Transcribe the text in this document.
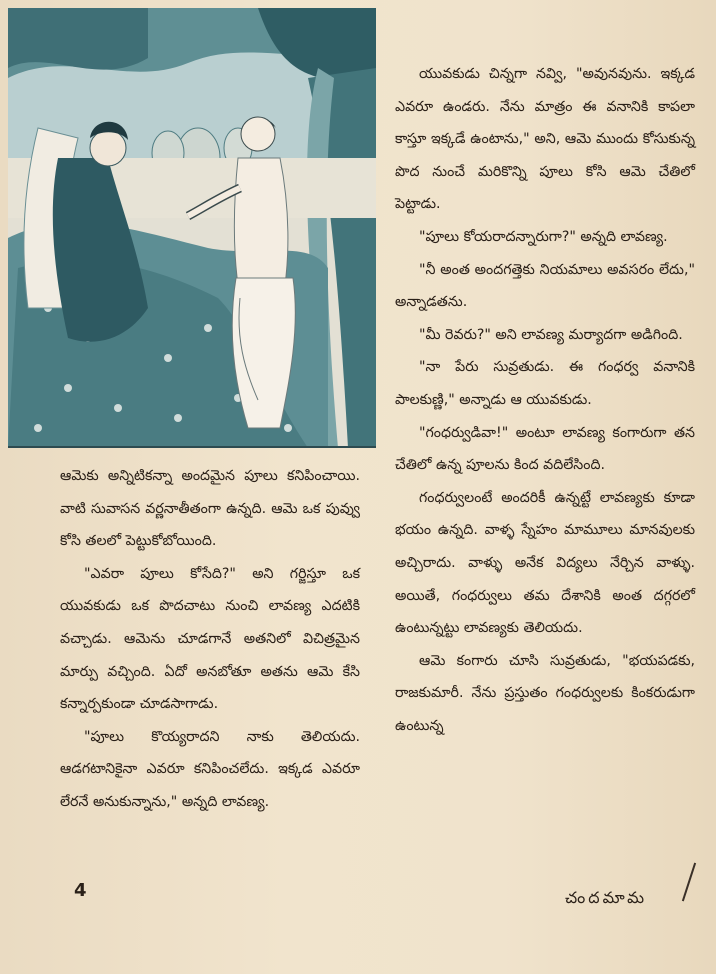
యువకుడు చిన్నగా నవ్వి, "అవునవును. ఇక్కడ ఎవరూ ఉండరు. నేను మాత్రం ఈ వనానికి కాపలా కాస్తూ ఇక్కడే ఉంటాను," అని, ఆమె ముందు కోసుకున్న పొద నుంచే మరికొన్ని పూలు కోసి ఆమె చేతిలో పెట్టాడు.

"పూలు కోయరాదన్నారుగా?" అన్నది లావణ్య.

"నీ అంత అందగత్తెకు నియమాలు అవసరం లేదు," అన్నాడతను.

"మీ రెవరు?" అని లావణ్య మర్యాదగా అడిగింది.

"నా పేరు సువ్రతుడు. ఈ గంధర్వ వనానికి పాలకుణ్ణి," అన్నాడు ఆ యువకుడు.

"గంధర్వుడివా!" అంటూ లావణ్య కంగారుగా తన చేతిలో ఉన్న పూలను కింద వదిలేసింది.

గంధర్వులంటే అందరికీ ఉన్నట్టే లావణ్యకు కూడా భయం ఉన్నది. వాళ్ళ స్నేహం మామూలు మానవులకు అచ్చిరాదు. వాళ్ళు అనేక విద్యలు నేర్చిన వాళ్ళు. అయితే, గంధర్వులు తమ దేశానికి అంత దగ్గరలో ఉంటున్నట్టు లావణ్యకు తెలియదు.

ఆమె కంగారు చూసి సువ్రతుడు, "భయపడకు, రాజకుమారీ. నేను ప్రస్తుతం గంధర్వులకు కింకరుడుగా ఉంటున్న

ఆమెకు అన్నిటికన్నా అందమైన పూలు కనిపించాయి. వాటి సువాసన వర్ణనాతీతంగా ఉన్నది. ఆమె ఒక పువ్వు కోసి తలలో పెట్టుకోబోయింది.

"ఎవరా పూలు కోసేది?" అని గర్జిస్తూ ఒక యువకుడు ఒక పొదచాటు నుంచి లావణ్య ఎదటికి వచ్చాడు. ఆమెను చూడగానే అతనిలో విచిత్రమైన మార్పు వచ్చింది. ఏదో అనబోతూ అతను ఆమె కేసి కన్నార్పకుండా చూడసాగాడు.

"పూలు కొయ్యరాదని నాకు తెలియదు. ఆడగటానికైనా ఎవరూ కనిపించలేదు. ఇక్కడ ఎవరూ లేరనే అనుకున్నాను," అన్నది లావణ్య.

4	చందమామ
